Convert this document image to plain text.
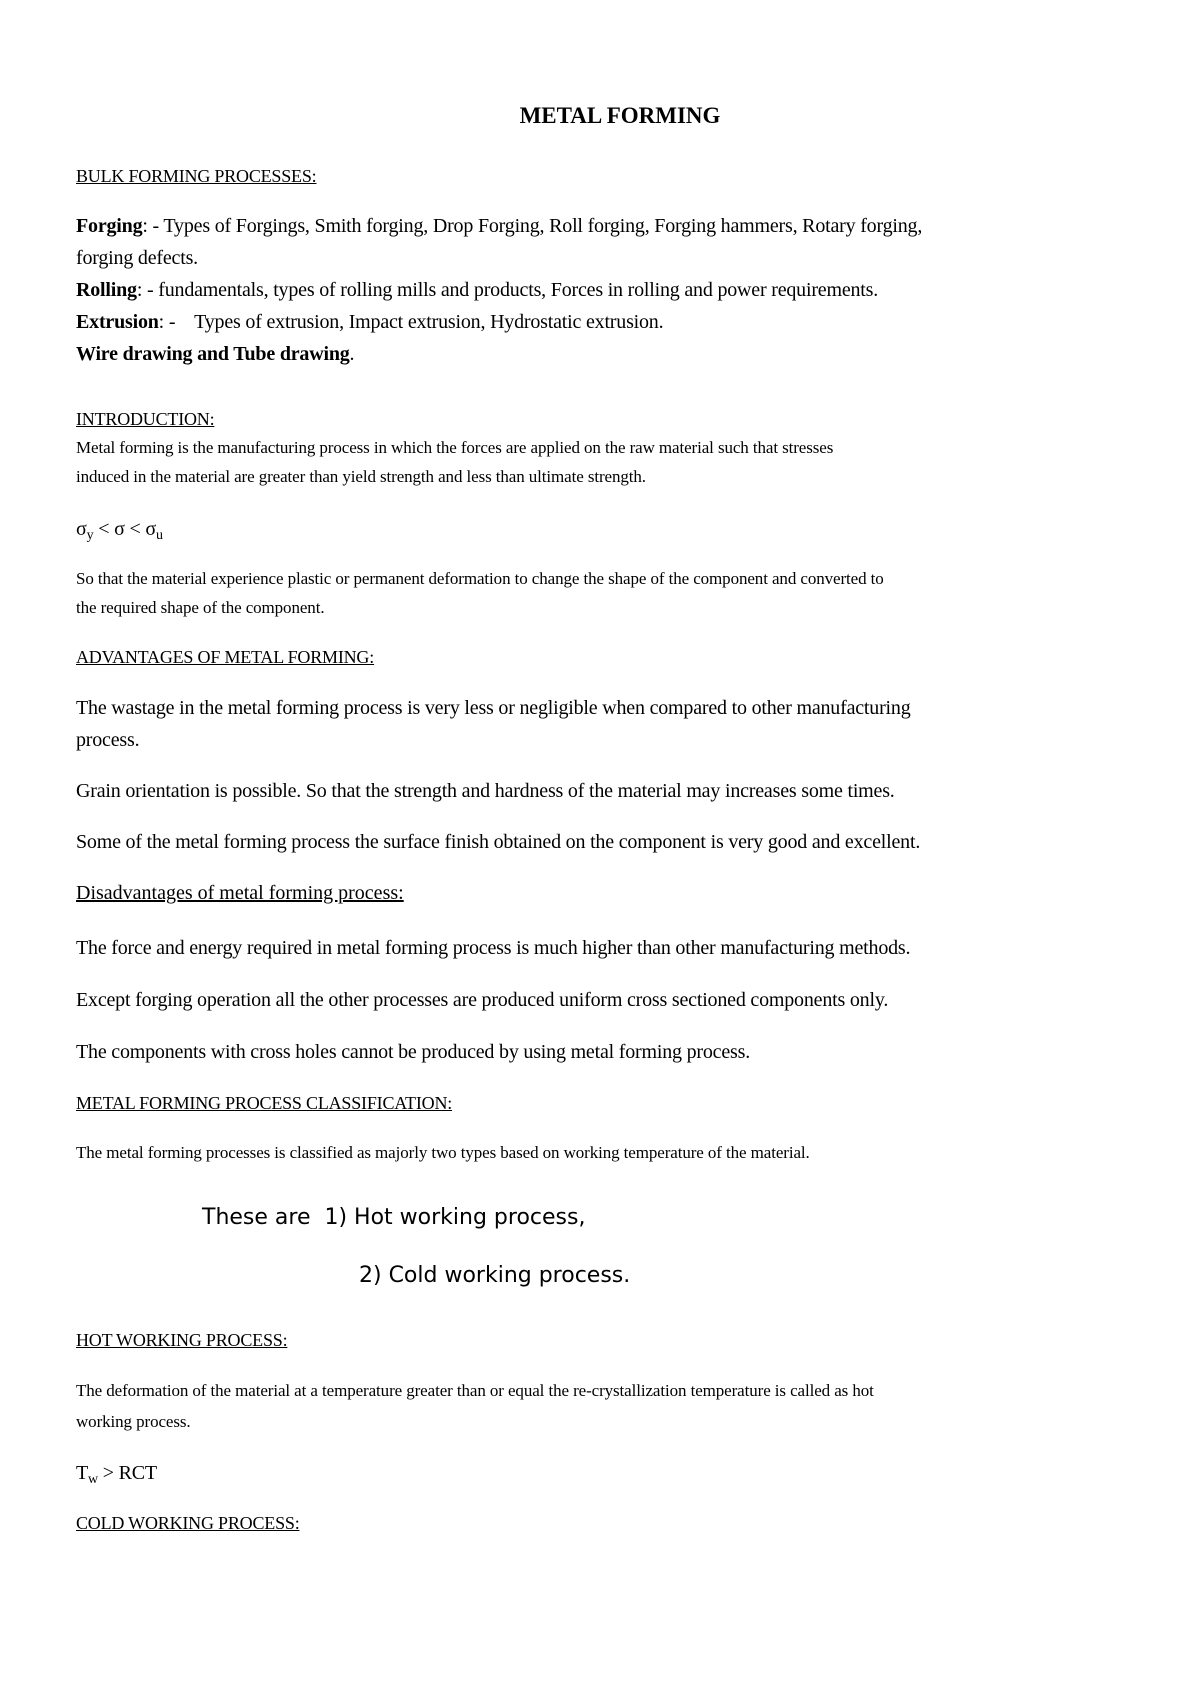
METAL FORMING
BULK FORMING PROCESSES:
Forging: - Types of Forgings, Smith forging, Drop Forging, Roll forging, Forging hammers, Rotary forging,
forging defects.
Rolling: - fundamentals, types of rolling mills and products, Forces in rolling and power requirements.
Extrusion: -    Types of extrusion, Impact extrusion, Hydrostatic extrusion.
Wire drawing and Tube drawing.
INTRODUCTION:
Metal forming is the manufacturing process in which the forces are applied on the raw material such that stresses
induced in the material are greater than yield strength and less than ultimate strength.
$\sigma_y < \sigma < \sigma_u$
So that the material experience plastic or permanent deformation to change the shape of the component and converted to
the required shape of the component.
ADVANTAGES OF METAL FORMING:
The wastage in the metal forming process is very less or negligible when compared to other manufacturing
process.
Grain orientation is possible. So that the strength and hardness of the material may increases some times.
Some of the metal forming process the surface finish obtained on the component is very good and excellent.
Disadvantages of metal forming process:
The force and energy required in metal forming process is much higher than other manufacturing methods.
Except forging operation all the other processes are produced uniform cross sectioned components only.
The components with cross holes cannot be produced by using metal forming process.
METAL FORMING PROCESS CLASSIFICATION:
The metal forming processes is classified as majorly two types based on working temperature of the material.
These are  1) Hot working process,
2) Cold working process.
HOT WORKING PROCESS:
The deformation of the material at a temperature greater than or equal the re-crystallization temperature is called as hot
working process.
$T_w$ > RCT
COLD WORKING PROCESS:
